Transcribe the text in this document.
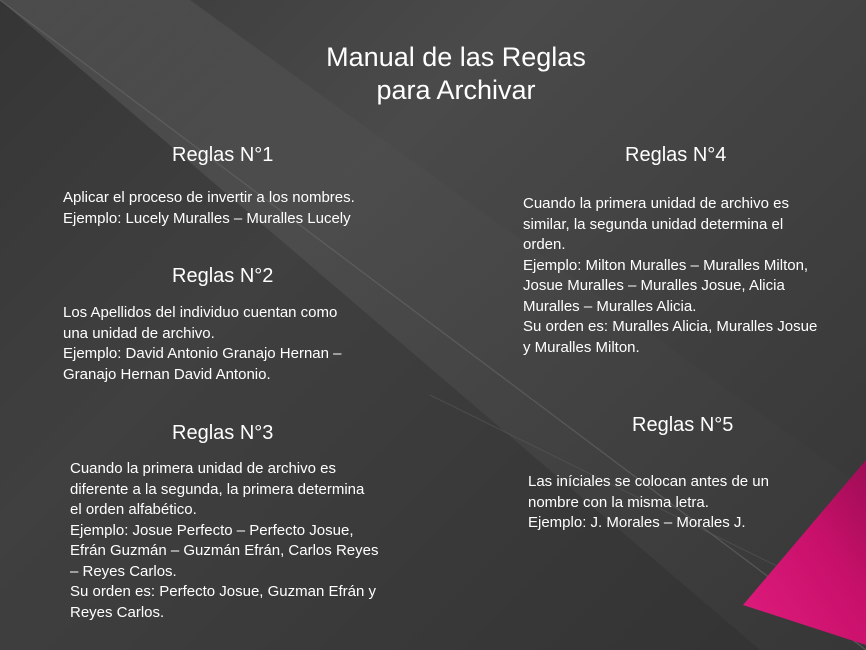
Manual de las Reglas
para Archivar
Reglas N°1
Aplicar el proceso de invertir a los nombres.
Ejemplo: Lucely Muralles – Muralles Lucely
Reglas N°2
Los Apellidos del individuo cuentan como
una unidad de archivo.
Ejemplo: David Antonio Granajo Hernan –
Granajo Hernan David Antonio.
Reglas N°3
Cuando la primera unidad de archivo es
diferente a la segunda, la primera determina
el orden alfabético.
Ejemplo: Josue Perfecto – Perfecto Josue,
Efrán Guzmán – Guzmán Efrán, Carlos Reyes
– Reyes Carlos.
Su orden es: Perfecto Josue, Guzman Efrán y
Reyes Carlos.
Reglas N°4
Cuando la primera unidad de archivo es
similar, la segunda unidad determina el
orden.
Ejemplo: Milton Muralles – Muralles Milton,
Josue Muralles – Muralles Josue, Alicia
Muralles – Muralles Alicia.
Su orden es: Muralles Alicia, Muralles Josue
y Muralles Milton.
Reglas N°5
Las iníciales se colocan antes de un
nombre con la misma letra.
Ejemplo: J. Morales – Morales J.
